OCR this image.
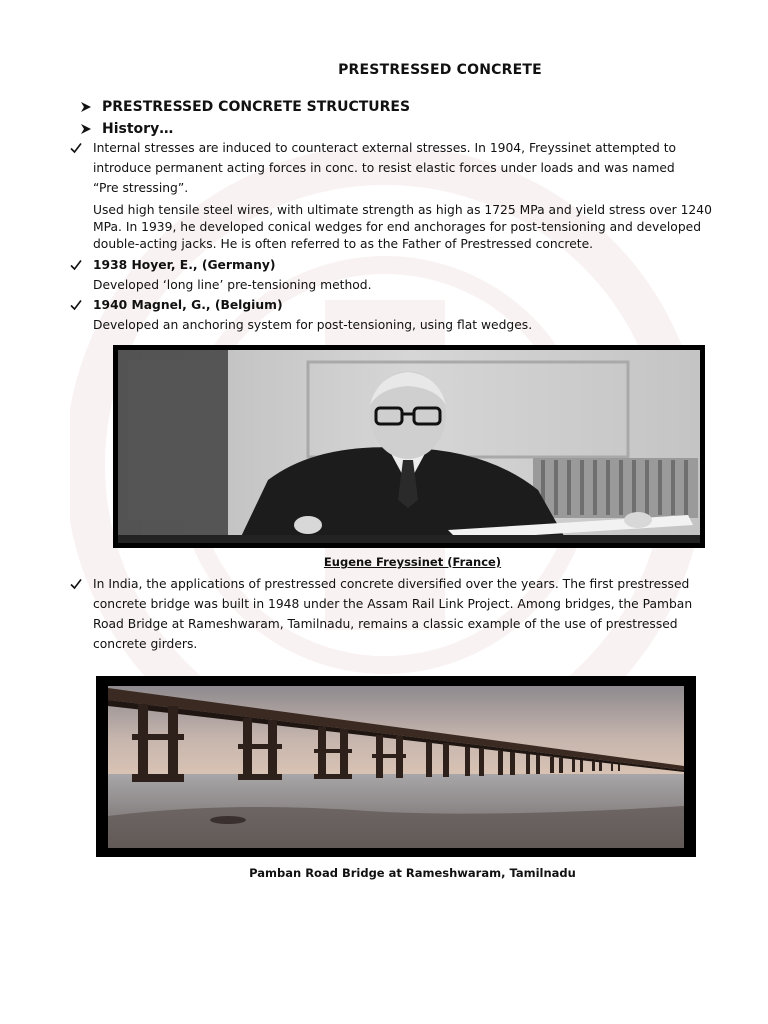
PRESTRESSED CONCRETE
PRESTRESSED CONCRETE STRUCTURES
History…
Internal stresses are induced to counteract external stresses. In 1904, Freyssinet attempted to
introduce permanent acting forces in conc. to resist elastic forces under loads and was named
“Pre stressing”.
Used high tensile steel wires, with ultimate strength as high as 1725 MPa and yield stress over 1240
MPa. In 1939, he developed conical wedges for end anchorages for post-tensioning and developed
double-acting jacks. He is often referred to as the Father of Prestressed concrete.
1938 Hoyer, E., (Germany)
Developed ‘long line’ pre-tensioning method.
1940 Magnel, G., (Belgium)
Developed an anchoring system for post-tensioning, using flat wedges.
Eugene Freyssinet (France)
In India, the applications of prestressed concrete diversified over the years. The first prestressed
concrete bridge was built in 1948 under the Assam Rail Link Project. Among bridges, the Pamban
Road Bridge at Rameshwaram, Tamilnadu, remains a classic example of the use of prestressed
concrete girders.
Pamban Road Bridge at Rameshwaram, Tamilnadu
